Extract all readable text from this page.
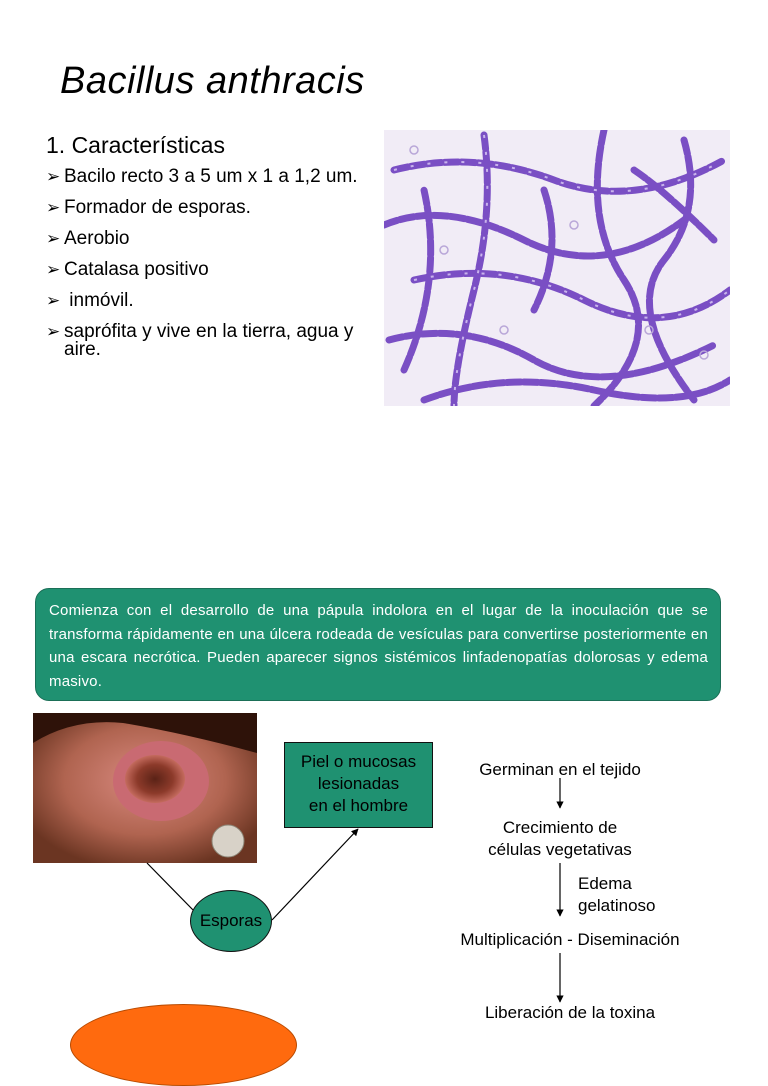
Bacillus anthracis
1. Características
➢ Bacilo recto 3 a 5 um x 1 a 1,2 um.
➢ Formador de esporas.
➢ Aerobio
➢ Catalasa positivo
➢ inmóvil.
➢ saprófita y vive en la tierra, agua y aire.
Comienza con el desarrollo de una pápula indolora en el lugar de la inoculación que se transforma rápidamente en una úlcera rodeada de vesículas para convertirse posteriormente en una escara necrótica. Pueden aparecer signos sistémicos linfadenopatías dolorosas y edema masivo.
Piel o mucosas
lesionadas
en el hombre
Esporas
Germinan en el tejido
Crecimiento de
células vegetativas
Edema
gelatinoso
Multiplicación - Diseminación
Liberación de la toxina
